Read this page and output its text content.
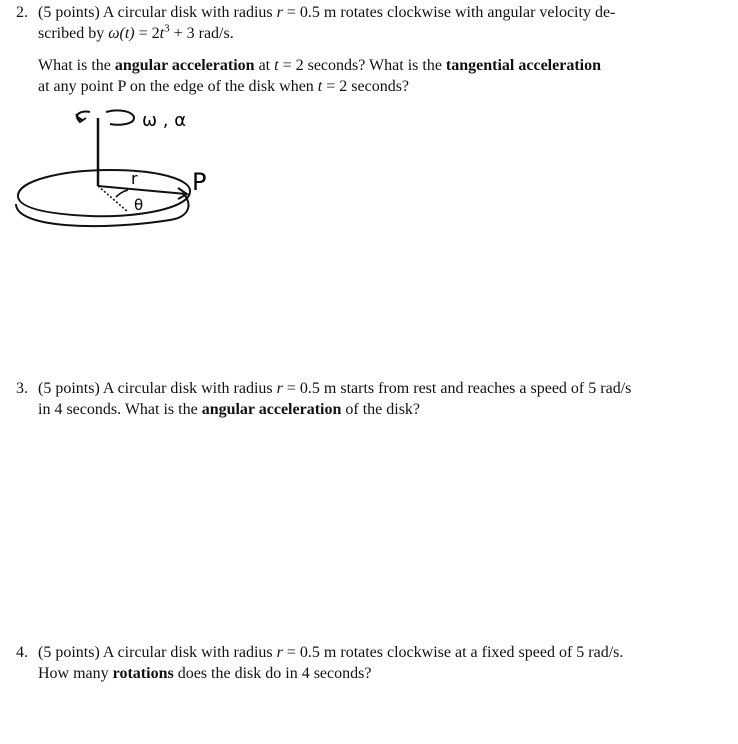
2. (5 points) A circular disk with radius r = 0.5 m rotates clockwise with angular velocity de-
scribed by $\omega(t) = 2t^3 + 3$ rad/s.
What is the angular acceleration at t = 2 seconds? What is the tangential acceleration
at any point P on the edge of the disk when t = 2 seconds?
ω , α
r P
θ
3. (5 points) A circular disk with radius r = 0.5 m starts from rest and reaches a speed of 5 rad/s
in 4 seconds. What is the angular acceleration of the disk?
4. (5 points) A circular disk with radius r = 0.5 m rotates clockwise at a fixed speed of 5 rad/s.
How many rotations does the disk do in 4 seconds?
